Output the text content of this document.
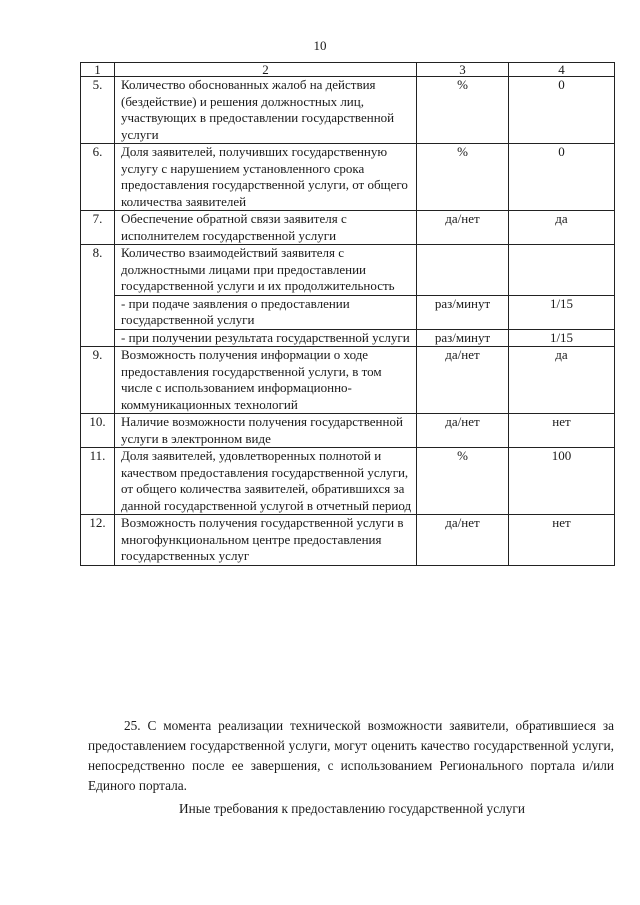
10
1	2	3	4
5.	Количество обоснованных жалоб на действия (бездействие) и решения должностных лиц, участвующих в предоставлении государственной услуги	%	0
6.	Доля заявителей, получивших государственную услугу с нарушением установленного срока предоставления государственной услуги, от общего количества заявителей	%	0
7.	Обеспечение обратной связи заявителя с исполнителем государственной услуги	да/нет	да
8.	Количество взаимодействий заявителя с должностными лицами при предоставлении государственной услуги и их продолжительность		
	- при подаче заявления о предоставлении государственной услуги	раз/минут	1/15
	- при получении результата государственной услуги	раз/минут	1/15
9.	Возможность получения информации о ходе предоставления государственной услуги, в том числе с использованием информационно-коммуникационных технологий	да/нет	да
10.	Наличие возможности получения государственной услуги в электронном виде	да/нет	нет
11.	Доля заявителей, удовлетворенных полнотой и качеством предоставления государственной услуги, от общего количества заявителей, обратившихся за данной государственной услугой в отчетный период	%	100
12.	Возможность получения государственной услуги в многофункциональном центре предоставления государственных услуг	да/нет	нет

25. С момента реализации технической возможности заявители, обратившиеся за предоставлением государственной услуги, могут оценить качество государственной услуги, непосредственно после ее завершения, с использованием Регионального портала и/или Единого портала.

Иные требования к предоставлению государственной услуги
